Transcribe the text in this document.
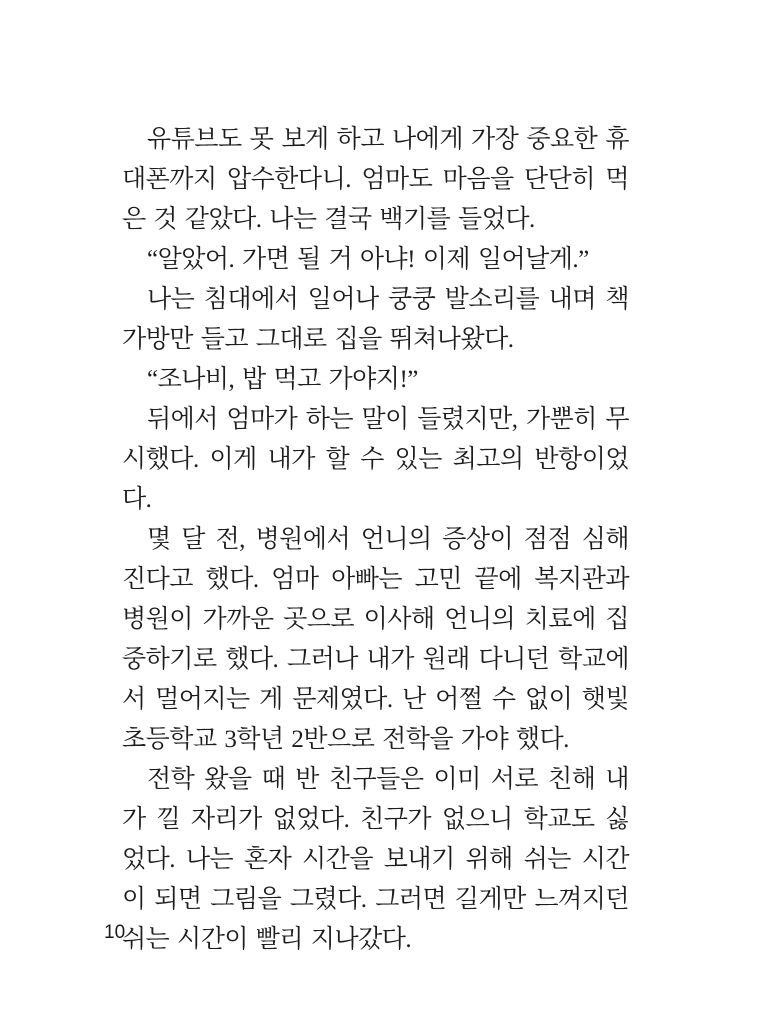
유튜브도 못 보게 하고 나에게 가장 중요한 휴대폰까지 압수한다니. 엄마도 마음을 단단히 먹은 것 같았다. 나는 결국 백기를 들었다.

“알았어. 가면 될 거 아냐! 이제 일어날게.”

나는 침대에서 일어나 쿵쿵 발소리를 내며 책가방만 들고 그대로 집을 뛰쳐나왔다.

“조나비, 밥 먹고 가야지!”

뒤에서 엄마가 하는 말이 들렸지만, 가뿐히 무시했다. 이게 내가 할 수 있는 최고의 반항이었다.

몇 달 전, 병원에서 언니의 증상이 점점 심해진다고 했다. 엄마 아빠는 고민 끝에 복지관과 병원이 가까운 곳으로 이사해 언니의 치료에 집중하기로 했다. 그러나 내가 원래 다니던 학교에서 멀어지는 게 문제였다. 난 어쩔 수 없이 햇빛 초등학교 3학년 2반으로 전학을 가야 했다.

전학 왔을 때 반 친구들은 이미 서로 친해 내가 낄 자리가 없었다. 친구가 없으니 학교도 싫었다. 나는 혼자 시간을 보내기 위해 쉬는 시간이 되면 그림을 그렸다. 그러면 길게만 느껴지던 쉬는 시간이 빨리 지나갔다.

10
